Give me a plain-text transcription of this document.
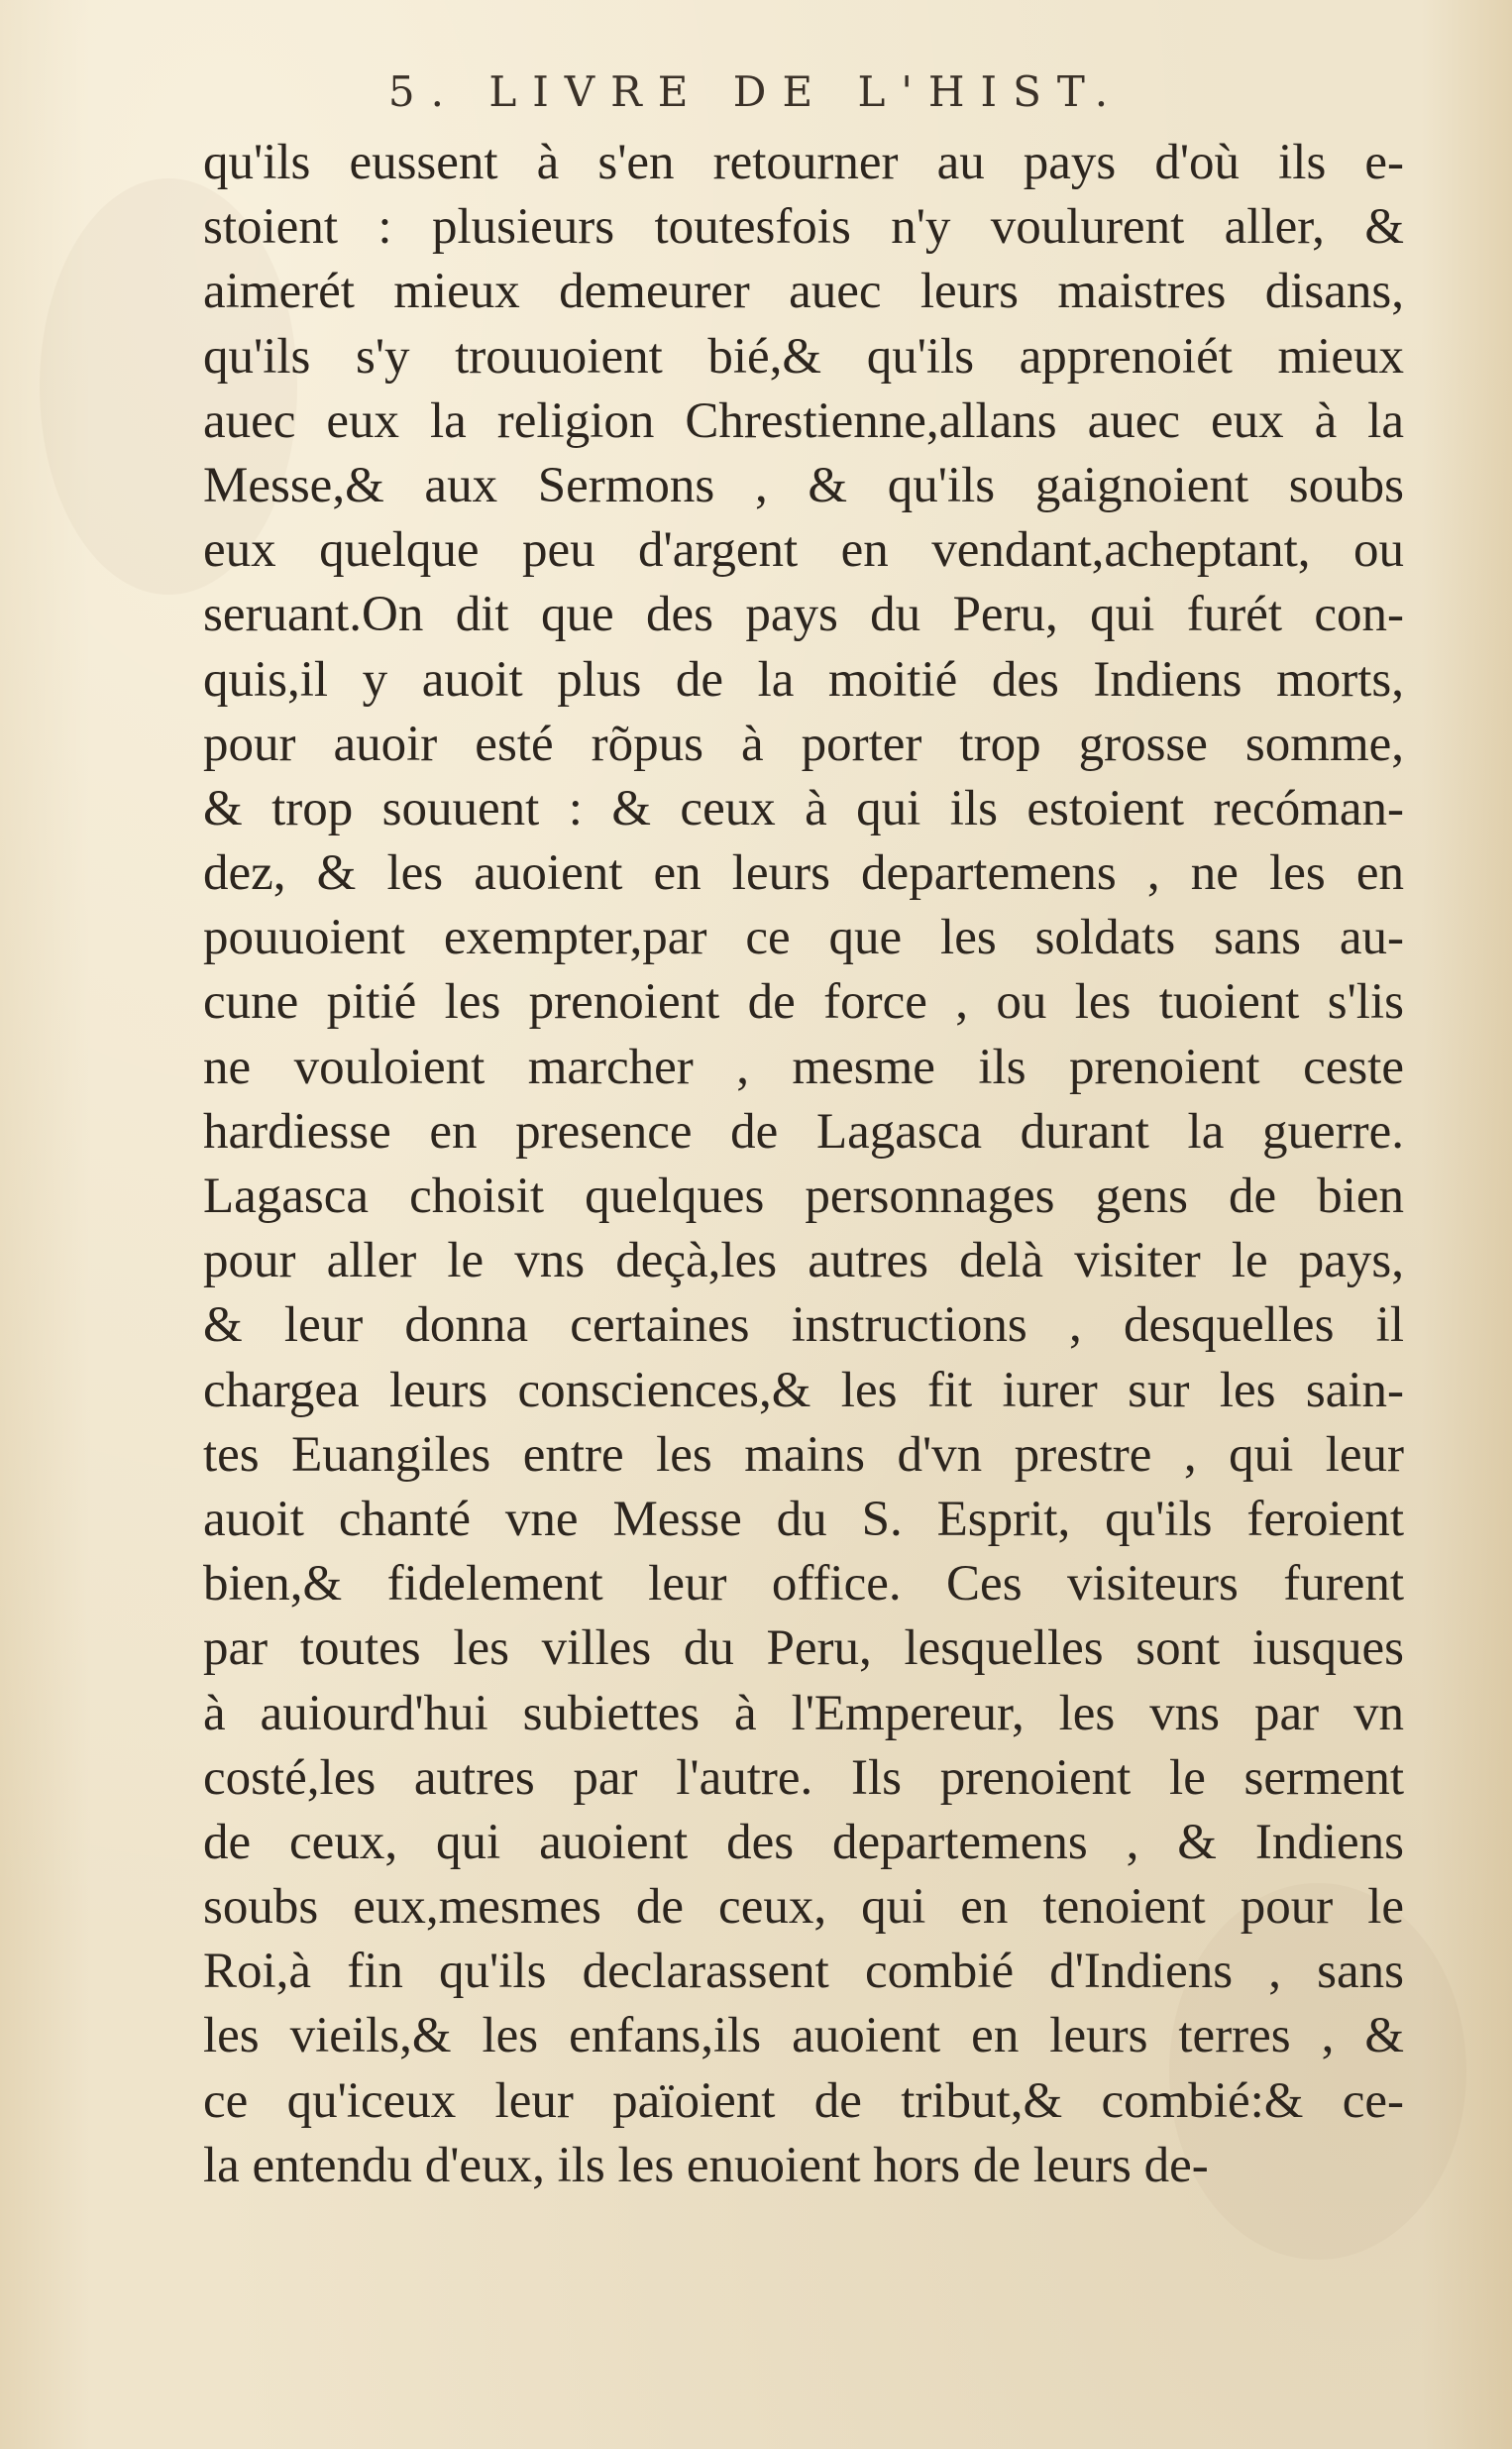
5. LIVRE DE L'HIST.
qu'ils eussent à s'en retourner au pays d'où ils e-
stoient : plusieurs toutesfois n'y voulurent aller, &
aimerét mieux demeurer auec leurs maistres disans,
qu'ils s'y trouuoient bié,& qu'ils apprenoiét mieux
auec eux la religion Chrestienne,allans auec eux à la
Messe,& aux Sermons , & qu'ils gaignoient soubs
eux quelque peu d'argent en vendant,acheptant, ou
seruant.On dit que des pays du Peru, qui furét con-
quis,il y auoit plus de la moitié des Indiens morts,
pour auoir esté rõpus à porter trop grosse somme,
& trop souuent : & ceux à qui ils estoient recóman-
dez, & les auoient en leurs departemens , ne les en
pouuoient exempter,par ce que les soldats sans au-
cune pitié les prenoient de force , ou les tuoient s'lis
ne vouloient marcher , mesme ils prenoient ceste
hardiesse en presence de Lagasca durant la guerre.
Lagasca choisit quelques personnages gens de bien
pour aller le vns deçà,les autres delà visiter le pays,
& leur donna certaines instructions , desquelles il
chargea leurs consciences,& les fit iurer sur les sain-
tes Euangiles entre les mains d'vn prestre , qui leur
auoit chanté vne Messe du S. Esprit, qu'ils feroient
bien,& fidelement leur office. Ces visiteurs furent
par toutes les villes du Peru, lesquelles sont iusques
à auiourd'hui subiettes à l'Empereur, les vns par vn
costé,les autres par l'autre. Ils prenoient le serment
de ceux, qui auoient des departemens , & Indiens
soubs eux,mesmes de ceux, qui en tenoient pour le
Roi,à fin qu'ils declarassent combié d'Indiens , sans
les vieils,& les enfans,ils auoient en leurs terres , &
ce qu'iceux leur païoient de tribut,& combié:& ce-
la entendu d'eux, ils les enuoient hors de leurs de-
